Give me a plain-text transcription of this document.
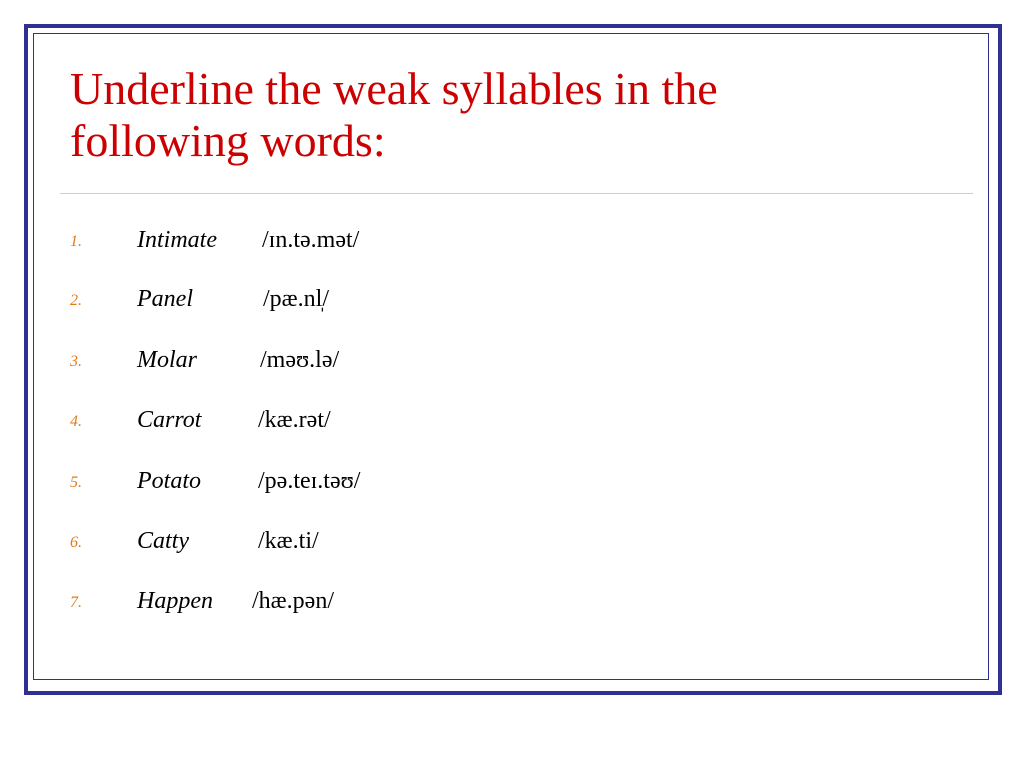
Underline the weak syllables in the
following words:
1. Intimate /ɪn.tə.mət/
2. Panel	/pæ.nl̩/
3. Molar	/məʊ.lə/
4. Carrot /kæ.rət/
5. Potato /pə.teɪ.təʊ/
6. Catty	/kæ.ti/
7. Happen /hæ.pən/
